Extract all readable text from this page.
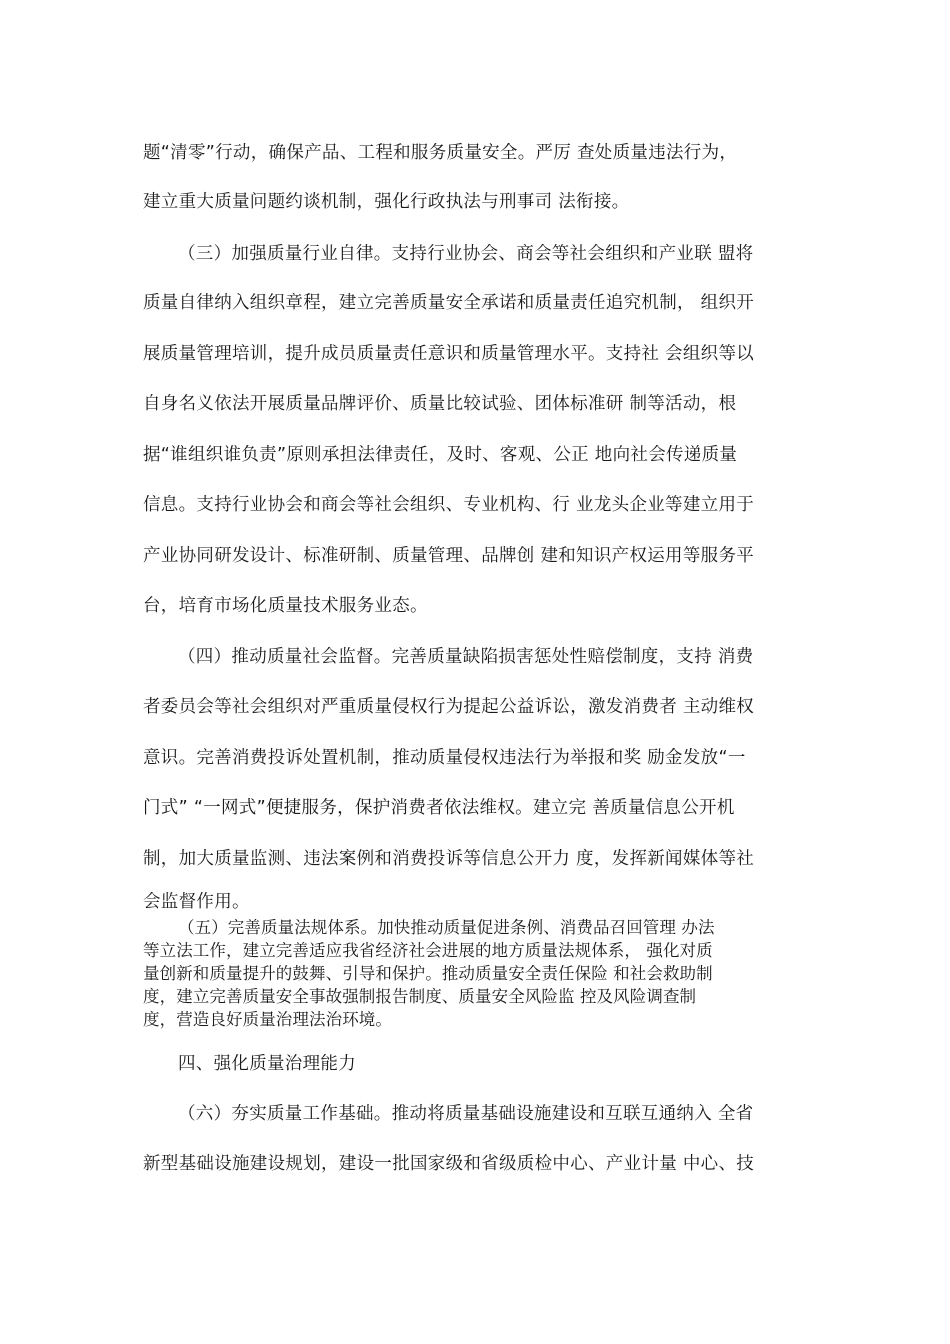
题“清零”行动，确保产品、工程和服务质量安全。严厉 查处质量违法行为，
建立重大质量问题约谈机制，强化行政执法与刑事司 法衔接。
（三）加强质量行业自律。支持行业协会、商会等社会组织和产业联 盟将
质量自律纳入组织章程，建立完善质量安全承诺和质量责任追究机制， 组织开
展质量管理培训，提升成员质量责任意识和质量管理水平。支持社 会组织等以
自身名义依法开展质量品牌评价、质量比较试验、团体标准研 制等活动，根
据“谁组织谁负责”原则承担法律责任，及时、客观、公正 地向社会传递质量
信息。支持行业协会和商会等社会组织、专业机构、行 业龙头企业等建立用于
产业协同研发设计、标准研制、质量管理、品牌创 建和知识产权运用等服务平
台，培育市场化质量技术服务业态。
（四）推动质量社会监督。完善质量缺陷损害惩处性赔偿制度，支持 消费
者委员会等社会组织对严重质量侵权行为提起公益诉讼，激发消费者 主动维权
意识。完善消费投诉处置机制，推动质量侵权违法行为举报和奖 励金发放“一
门式” “一网式”便捷服务，保护消费者依法维权。建立完 善质量信息公开机
制，加大质量监测、违法案例和消费投诉等信息公开力 度，发挥新闻媒体等社
会监督作用。
（五）完善质量法规体系。加快推动质量促进条例、消费品召回管理 办法
等立法工作，建立完善适应我省经济社会进展的地方质量法规体系， 强化对质
量创新和质量提升的鼓舞、引导和保护。推动质量安全责任保险 和社会救助制
度，建立完善质量安全事故强制报告制度、质量安全风险监 控及风险调查制
度，营造良好质量治理法治环境。
四、强化质量治理能力
（六）夯实质量工作基础。推动将质量基础设施建设和互联互通纳入 全省
新型基础设施建设规划，建设一批国家级和省级质检中心、产业计量 中心、技
